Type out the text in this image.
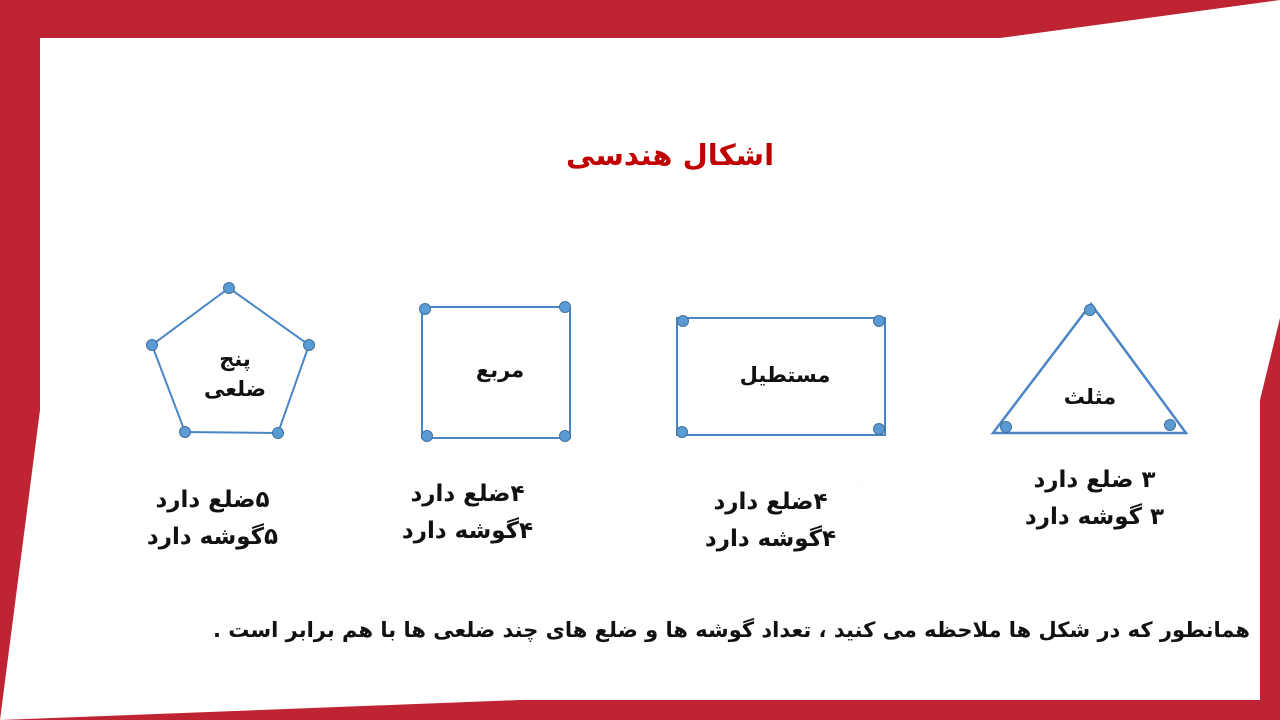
اشکال هندسی
پنج ضلعی
مربع	مستطیل
مثلث
۵ضلع دارد
۵گوشه دارد
۴ضلع دارد
۴گوشه دارد
۴ضلع دارد
۴گوشه دارد
۳ ضلع دارد
۳ گوشه دارد
همانطور که در شکل ها ملاحظه می کنید ، تعداد گوشه ها و ضلع های چند ضلعی ها با هم برابر است .
